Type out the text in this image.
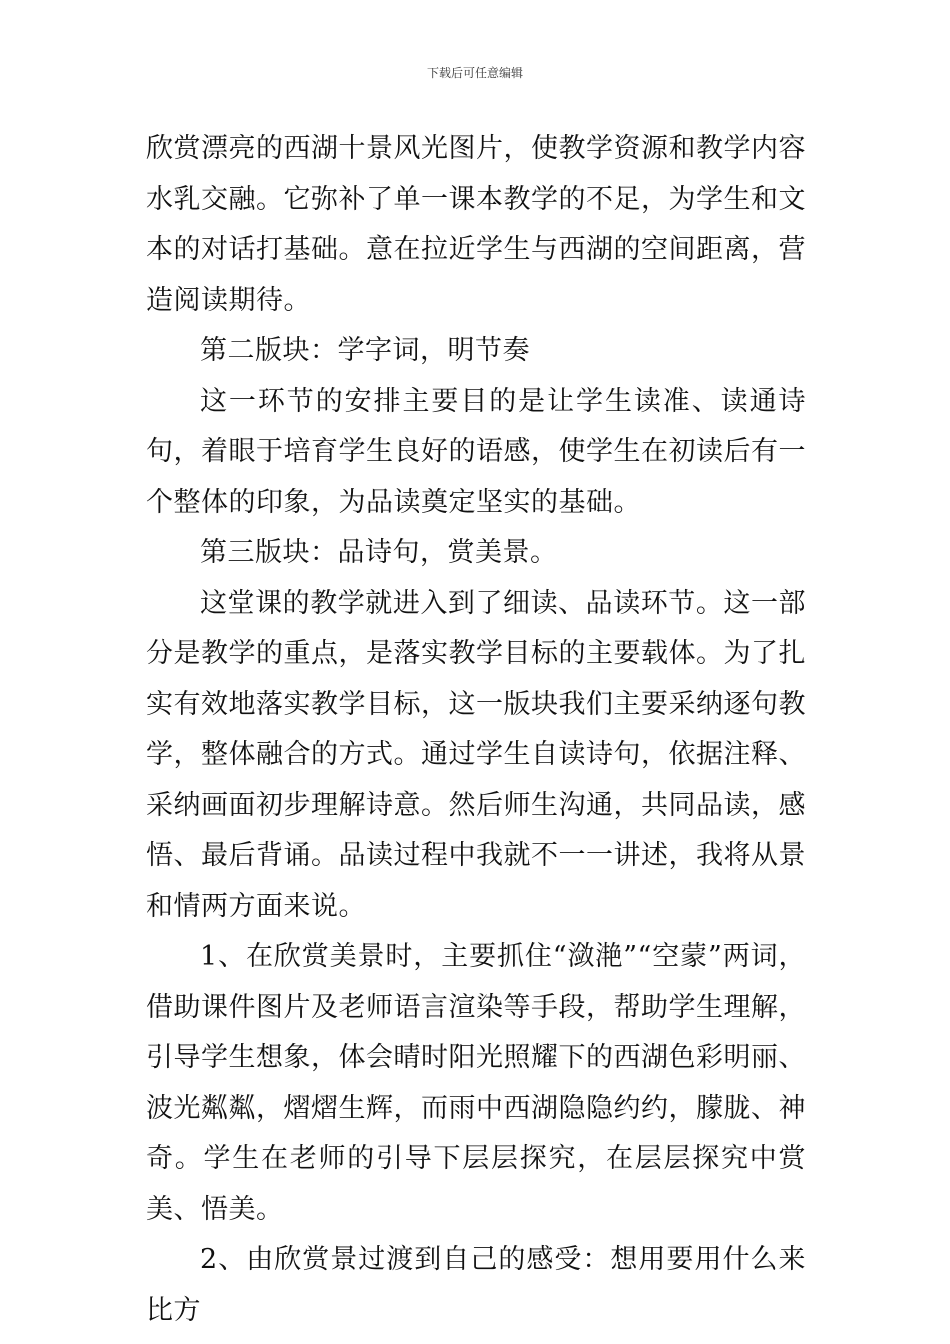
下载后可任意编辑

欣赏漂亮的西湖十景风光图片，使教学资源和教学内容水乳交融。它弥补了单一课本教学的不足，为学生和文本的对话打基础。意在拉近学生与西湖的空间距离，营造阅读期待。

第二版块：学字词，明节奏

这一环节的安排主要目的是让学生读准、读通诗句，着眼于培育学生良好的语感，使学生在初读后有一个整体的印象，为品读奠定坚实的基础。

第三版块：品诗句，赏美景。

这堂课的教学就进入到了细读、品读环节。这一部分是教学的重点，是落实教学目标的主要载体。为了扎实有效地落实教学目标，这一版块我们主要采纳逐句教学，整体融合的方式。通过学生自读诗句，依据注释、采纳画面初步理解诗意。然后师生沟通，共同品读，感悟、最后背诵。品读过程中我就不一一讲述，我将从景和情两方面来说。

1、在欣赏美景时，主要抓住“潋滟”“空蒙”两词，借助课件图片及老师语言渲染等手段，帮助学生理解，引导学生想象，体会晴时阳光照耀下的西湖色彩明丽、波光粼粼，熠熠生辉，而雨中西湖隐隐约约，朦胧、神奇。学生在老师的引导下层层探究，在层层探究中赏美、悟美。

2、由欣赏景过渡到自己的感受：想用要用什么来比方
